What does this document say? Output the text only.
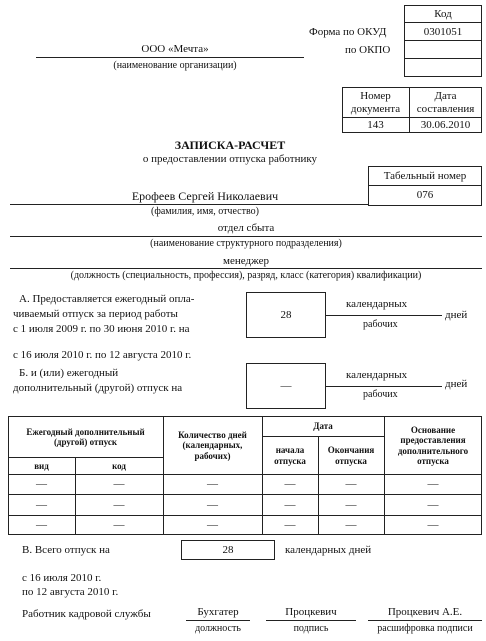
Код
0301051
Форма по ОКУД
по ОКПО
ООО «Мечта»
(наименование организации)
Номер документа
Дата составления
143	30.06.2010
ЗАПИСКА-РАСЧЕТ
о предоставлении отпуска работнику
Табельный номер
076
Ерофеев Сергей Николаевич
(фамилия, имя, отчество)
отдел сбыта
(наименование структурного подразделения)
менеджер
(должность (специальность, профессия), разряд, класс (категория) квалификации)
А. Предоставляется ежегодный опла-
чиваемый отпуск за период работы
с 1 июля 2009 г. по 30 июня 2010 г. на
28
календарных
рабочих
дней
с 16 июля 2010 г. по 12 августа 2010 г.
Б. и (или) ежегодный
дополнительный (другой) отпуск на	—
календарных
рабочих
дней
Ежегодный дополнительный (другой) отпуск
вид	код
Количество дней (календарных, рабочих)
Дата
начала отпуска
Окончания отпуска
Основание предоставления дополнительного отпуска
—	—	—	—	—	—
—	—	—	—	—	—
—	—	—	—	—	—
В. Всего отпуск на	28	календарных дней
с 16 июля 2010 г.
по 12 августа 2010 г.
Работник кадровой службы	Бухгатер
должность
Процкевич
подпись
Процкевич А.Е.
расшифровка подписи
